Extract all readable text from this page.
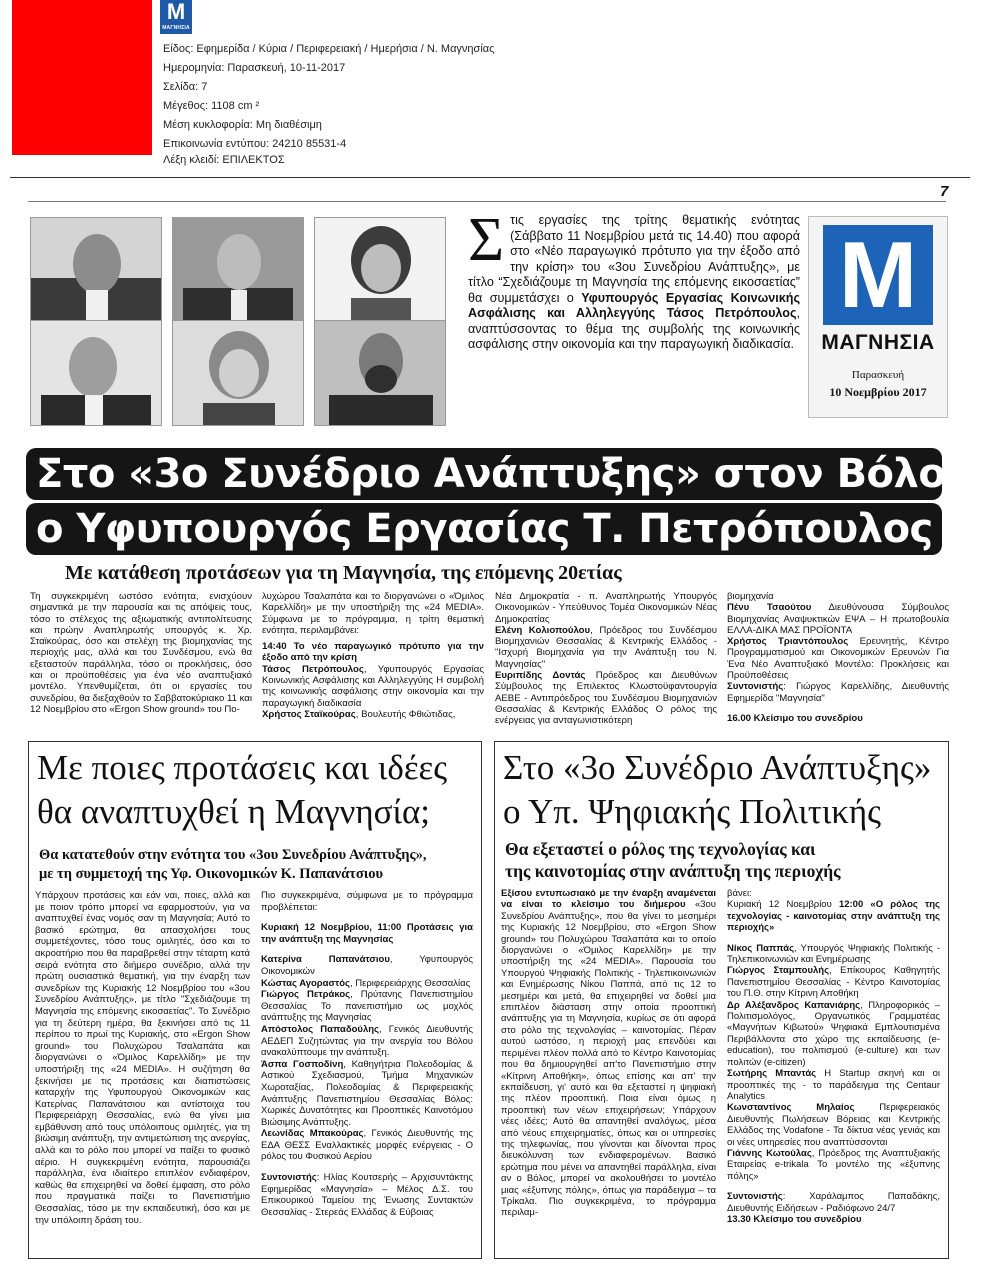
M
ΜΑΓΝΗΣΙΑ
Είδος: Εφημερίδα / Κύρια / Περιφερειακή / Ημερήσια / Ν. Μαγνησίας
Ημερομηνία: Παρασκευή, 10-11-2017
Σελίδα: 7
Μέγεθος: 1108 cm ²
Μέση κυκλοφορία: Μη διαθέσιμη
Επικοινωνία εντύπου: 24210 85531-4
Λέξη κλειδί: ΕΠΙΛΕΚΤΟΣ
7
Στις εργασίες της τρίτης θεματικής ενότητας (Σάββατο 11 Νοεμβρίου μετά τις 14.40) που αφορά στο «Νέο παραγωγικό πρότυπο για την έξοδο από την κρίση» του «3ου Συνεδρίου Ανάπτυξης», με τίτλο “Σχεδιάζουμε τη Μαγνησία της επόμενης εικοσαετίας” θα συμμετάσχει ο Υφυπουργός Εργασίας Κοινωνικής Ασφάλισης και Αλληλεγγύης Τάσος Πετρόπουλος, αναπτύσσοντας το θέμα της συμβολής της κοινωνικής ασφάλισης στην οικονομία και την παραγωγική διαδικασία.
M
ΜΑΓΝΗΣΙΑ
Παρασκευή
10 Νοεμβρίου 2017
Στο «3ο Συνέδριο Ανάπτυξης» στον Βόλο
ο Υφυπουργός Εργασίας Τ. Πετρόπουλος
Με κατάθεση προτάσεων για τη Μαγνησία, της επόμενης 20ετίας

Τη συγκεκριμένη ωστόσο ενότητα, ενισχύουν σημαντικά με την παρουσία και τις απόψεις τους, τόσο το στέλεχος της αξιωματικής αντιπολίτευσης και πρώην Αναπληρωτής υπουργός κ. Χρ. Σταϊκούρας, όσο και στελέχη της βιομηχανίας της περιοχής μας, αλλά και του Συνδέσμου, ενώ θα εξεταστούν παράλληλα, τόσο οι προκλήσεις, όσο και οι προϋποθέσεις για ένα νέο αναπτυξιακό μοντέλο. Υπενθυμίζεται, ότι οι εργασίες του συνεδρίου, θα διεξαχθούν το Σαββατοκύριακο 11 και 12 Νοεμβρίου στο «Ergon Show ground» του Πο-

λυχώρου Τσαλαπάτα και το διοργανώνει ο «Όμιλος Καρελλίδη» με την υποστήριξη της «24 MEDIA». Σύμφωνα με το πρόγραμμα, η τρίτη θεματική ενότητα, περιλαμβάνει:

14:40 Το νέο παραγωγικό πρότυπο για την έξοδο από την κρίση

Τάσος Πετρόπουλος, Υφυπουργός Εργασίας Κοινωνικής Ασφάλισης και Αλληλεγγύης Η συμβολή της κοινωνικής ασφάλισης στην οικονομία και την παραγωγική διαδικασία

Χρήστος Σταϊκούρας, Βουλευτής Φθιώτιδας,

Νέα Δημοκρατία - π. Αναπληρωτής Υπουργός Οικονομικών - Υπεύθυνος Τομέα Οικονομικών Νέας Δημοκρατίας

Ελένη Κολιοπούλου, Πρόεδρος του Συνδέσμου Βιομηχανιών Θεσσαλίας & Κεντρικής Ελλάδος - "Ισχυρή Βιομηχανία για την Ανάπτυξη του Ν. Μαγνησίας"

Ευριπίδης Δοντάς Πρόεδρος και Διευθύνων Σύμβουλος της Επιλεκτος Κλωστοϋφαντουργία ΑΕΒΕ - Αντιπρόεδρος του Συνδέσμου Βιομηχανιών Θεσσαλίας & Κεντρικής Ελλάδος Ο ρόλος της ενέργειας για ανταγωνιστικότερη

βιομηχανία

Πένυ Τσαούτου Διευθύνουσα Σύμβουλος Βιομηχανίας Αναψυκτικών ΕΨΑ – Η πρωτοβουλία ΕΛΛΑ-ΔΙΚΑ ΜΑΣ ΠΡΟΪΟΝΤΑ

Χρήστος Τριαντόπουλος Ερευνητής, Κέντρο Προγραμματισμού και Οικονομικών Ερευνών Για Ένα Νέο Αναπτυξιακό Μοντέλο: Προκλήσεις και Προϋποθέσεις

Συντονιστής: Γιώργος Καρελλίδης, Διευθυντής Εφημερίδα "Μαγνησία"

16.00 Κλείσιμο του συνεδρίου

Με ποιες προτάσεις και ιδέες
θα αναπτυχθεί η Μαγνησία;
Θα κατατεθούν στην ενότητα του «3ου Συνεδρίου Ανάπτυξης»,
με τη συμμετοχή της Υφ. Οικονομικών Κ. Παπανάτσιου

Υπάρχουν προτάσεις και εάν ναι, ποιες, αλλά και με ποιον τρόπο μπορεί να εφαρμοστούν, για να αναπτυχθεί ένας νομός σαν τη Μαγνησία; Αυτό το βασικό ερώτημα, θα απασχολήσει τους συμμετέχοντες, τόσο τους ομιλητές, όσο και το ακροατήριο που θα παραβρεθεί στην τέταρτη κατά σειρά ενότητα στο διήμερο συνέδριο, αλλά την πρώτη ουσιαστικά θεματική, για την έναρξη των συνεδρίων της Κυριακής 12 Νοεμβρίου του «3ου Συνεδρίου Ανάπτυξης», με τίτλο "Σχεδιάζουμε τη Μαγνησία της επόμενης εικοσαετίας". Το Συνέδριο για τη δεύτερη ημέρα, θα ξεκινήσει από τις 11 περίπου το πρωί της Κυριακής, στο «Ergon Show ground» του Πολυχώρου Τσαλαπάτα και διοργανώνει ο «Όμιλος Καρελλίδη» με την υποστήριξη της «24 MEDIA». Η συζήτηση θα ξεκινήσει με τις προτάσεις και διαπιστώσεις καταρχήν της Υφυπουργού Οικονομικών κας Κατερίνας Παπανάτσιου και αντίστοιχα του Περιφερειάρχη Θεσσαλίας, ενώ θα γίνει μια εμβάθυνση από τους υπόλοιπους ομιλητές, για τη βιώσιμη ανάπτυξη, την αντιμετώπιση της ανεργίας, αλλά και το ρόλο που μπορεί να παίξει το φυσικό αέριο. Η συγκεκριμένη ενότητα, παρουσιάζει παράλληλα, ένα ιδιαίτερο επιπλέον ενδιαφέρον, καθώς θα επιχειρηθεί να δοθεί έμφαση, στο ρόλο που πραγματικά παίζει το Πανεπιστήμιο Θεσσαλίας, τόσο με την εκπαιδευτική, όσο και με την υπόλοιπη δράση του.

Πιο συγκεκριμένα, σύμφωνα με το πρόγραμμα προβλέπεται:

Κυριακή 12 Νοεμβρίου, 11:00 Προτάσεις για την ανάπτυξη της Μαγνησίας

Κατερίνα Παπανάτσιου, Υφυπουργός Οικονομικών

Κώστας Αγοραστός, Περιφερειάρχης Θεσσαλίας

Γιώργος Πετράκος, Πρύτανης Πανεπιστημίου Θεσσαλίας Το πανεπιστήμιο ως μοχλός ανάπτυξης της Μαγνησίας

Απόστολος Παπαδούλης, Γενικός Διευθυντής ΑΕΔΕΠ Συζητώντας για την ανεργία του Βόλου ανακαλύπτουμε την ανάπτυξη.

Άσπα Γοσποδίνη, Καθηγήτρια Πολεοδομίας & Αστικού Σχεδιασμού, Τμήμα Μηχανικών Χωροταξίας, Πολεοδομίας & Περιφερειακής Ανάπτυξης Πανεπιστημίου Θεσσαλίας Βόλος: Χωρικές Δυνατότητες και Προοπτικές Καινοτόμου Βιώσιμης Ανάπτυξης.

Λεωνίδας Μπακούρας, Γενικός Διευθυντής της ΕΔΑ ΘΕΣΣ Εναλλακτικές μορφές ενέργειας - Ο ρόλος του Φυσικού Αερίου

Συντονιστής: Ηλίας Κουτσερής – Αρχισυντάκτης Εφημερίδας «Μαγνησία» – Μέλος Δ.Σ. του Επικουρικού Ταμείου της Ένωσης Συντακτών Θεσσαλίας - Στερεάς Ελλάδας & Εύβοιας

Στο «3ο Συνέδριο Ανάπτυξης»
ο Υπ. Ψηφιακής Πολιτικής
Θα εξεταστεί ο ρόλος της τεχνολογίας και
της καινοτομίας στην ανάπτυξη της περιοχής

Εξίσου εντυπωσιακό με την έναρξη αναμένεται να είναι το κλείσιμο του διήμερου «3ου Συνεδρίου Ανάπτυξης», που θα γίνει το μεσημέρι της Κυριακής 12 Νοεμβρίου, στο «Ergon Show ground» του Πολυχώρου Τσαλαπάτα και το οποίο διοργανώνει ο «Όμιλος Καρελλίδη» με την υποστήριξη της «24 MEDIA». Παρουσία του Υπουργού Ψηφιακής Πολιτικής - Τηλεπικοινωνιών και Ενημέρωσης Νίκου Παππά, από τις 12 το μεσημέρι και μετά, θα επιχειρηθεί να δοθεί μια επιπλέον διάσταση στην οποία προοπτική ανάπτυξης για τη Μαγνησία, κυρίως σε ότι αφορά στο ρόλο της τεχνολογίας – καινοτομίας. Πέραν αυτού ωστόσο, η περιοχή μας επενδύει και περιμένει πλέον πολλά από το Κέντρο Καινοτομίας που θα δημιουργηθεί απ'το Πανεπιστήμιο στην «Κίτρινη Αποθήκη», όπως επίσης και απ' την εκπαίδευση, γι' αυτό και θα εξεταστεί η ψηφιακή της πλέον προοπτική. Ποια είναι όμως η προοπτική των νέων επιχειρήσεων; Υπάρχουν νέες ιδέες; Αυτό θα απαντηθεί αναλόγως, μέσα από νέους επιχειρηματίες, όπως και οι υπηρεσίες της τηλεφωνίας, που γίνονται και δίνονται προς διευκόλυνση των ενδιαφερομένων. Βασικό ερώτημα που μένει να απαντηθεί παράλληλα, είναι αν ο Βόλος, μπορεί να ακολουθήσει το μοντέλο μιας «έξυπνης πόλης», όπως για παράδειγμα – τα Τρίκαλα. Πιο συγκεκριμένα, το πρόγραμμα περιλαμ-

βάνει:

Κυριακή 12 Νοεμβρίου 12:00 «Ο ρόλος της τεχνολογίας - καινοτομίας στην ανάπτυξη της περιοχής»

Νίκος Παππάς, Υπουργός Ψηφιακής Πολιτικής - Τηλεπικοινωνιών και Ενημέρωσης

Γιώργος Σταμπουλής, Επίκουρος Καθηγητής Πανεπιστημίου Θεσσαλίας - Κέντρο Καινοτομίας του Π.Θ. στην Κίτρινη Αποθήκη

Δρ Αλέξανδρος Καπανιάρης, Πληροφορικός – Πολιτισμολόγος, Οργανωτικός Γραμματέας «Μαγνήτων Κιβωτού» Ψηφιακά Εμπλουτισμένα Περιβάλλοντα στο χώρο της εκπαίδευσης (e-education), του πολιτισμού (e-culture) και των πολιτών (e-citizen)

Σωτήρης Μπαντάς Η Startup σκηνή και οι προοπτικές της - το παράδειγμα της Centaur Analytics

Κωνσταντίνος Μηλαίος Περιφερειακός Διευθυντής Πωλήσεων Βόρειας και Κεντρικής Ελλάδος της Vodafone - Τα δίκτυα νέας γενιάς και οι νέες υπηρεσίες που αναπτύσσονται

Γιάννης Κωτούλας, Πρόεδρος της Αναπτυξιακής Εταιρείας e-trikala Το μοντέλο της «έξυπνης πόλης»

Συντονιστής: Χαράλαμπος Παπαδάκης, Διευθυντής Ειδήσεων - Ραδιόφωνο 24/7

13.30 Κλείσιμο του συνεδρίου
